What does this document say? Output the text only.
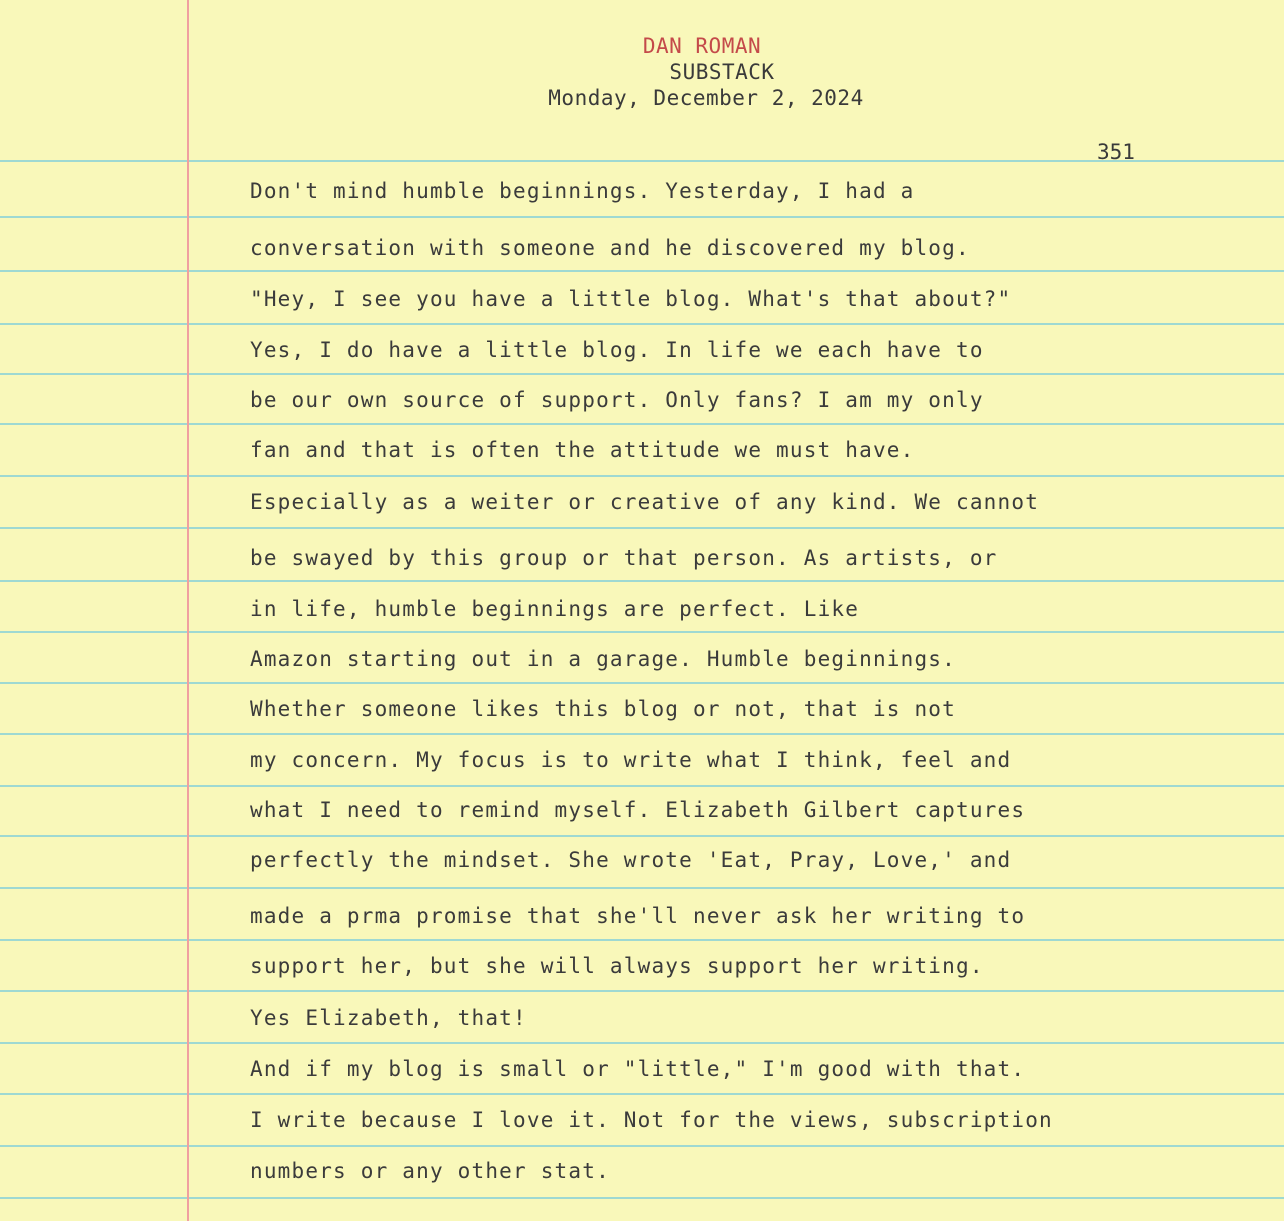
DAN ROMAN
SUBSTACK
Monday, December 2, 2024
351
Don't mind humble beginnings. Yesterday, I had a
conversation with someone and he discovered my blog.
"Hey, I see you have a little blog. What's that about?"
Yes, I do have a little blog. In life we each have to
be our own source of support. Only fans? I am my only
fan and that is often the attitude we must have.
Especially as a weiter or creative of any kind. We cannot
be swayed by this group or that person. As artists, or
in life, humble beginnings are perfect. Like
Amazon starting out in a garage. Humble beginnings.
Whether someone likes this blog or not, that is not
my concern. My focus is to write what I think, feel and
what I need to remind myself. Elizabeth Gilbert captures
perfectly the mindset. She wrote 'Eat, Pray, Love,' and
made a prma promise that she'll never ask her writing to
support her, but she will always support her writing.
Yes Elizabeth, that!
And if my blog is small or "little," I'm good with that.
I write because I love it. Not for the views, subscription
numbers or any other stat.
